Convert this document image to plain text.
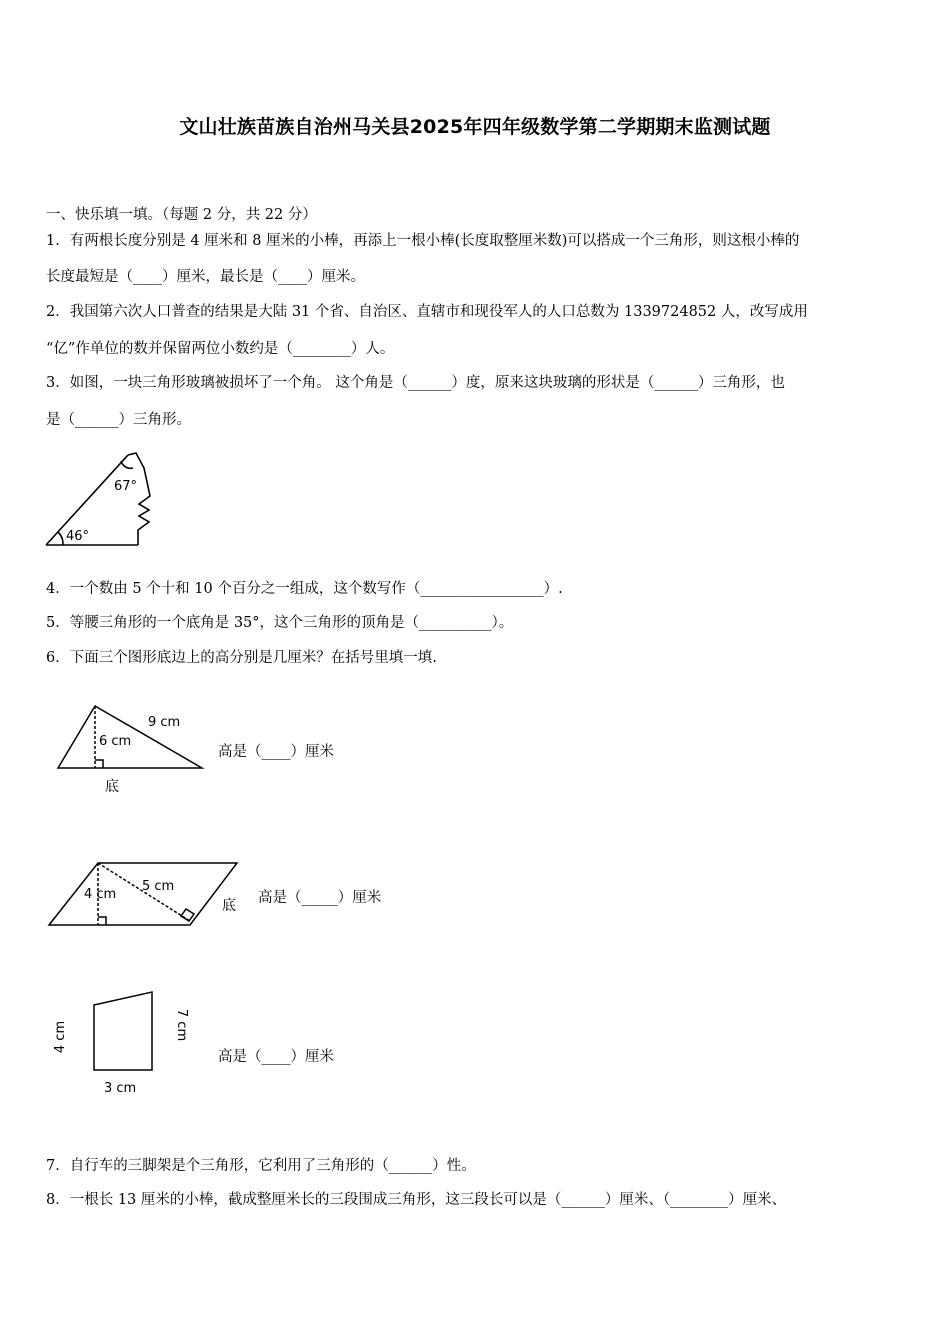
文山壮族苗族自治州马关县2025年四年级数学第二学期期末监测试题
一、快乐填一填。（每题 2 分，共 22 分）
1．有两根长度分别是 4 厘米和 8 厘米的小棒，再添上一根小棒(长度取整厘米数)可以搭成一个三角形，则这根小棒的
长度最短是（____）厘米，最长是（____）厘米。
2．我国第六次人口普查的结果是大陆 31 个省、自治区、直辖市和现役军人的人口总数为 1339724852 人，改写成用
“亿”作单位的数并保留两位小数约是（________）人。
3．如图，一块三角形玻璃被损坏了一个角。 这个角是（______）度，原来这块玻璃的形状是（______）三角形，也
是（______）三角形。
67°
46°
4．一个数由 5 个十和 10 个百分之一组成，这个数写作（_________________）.
5．等腰三角形的一个底角是 35°，这个三角形的顶角是（__________）。
6．下面三个图形底边上的高分别是几厘米？在括号里填一填.
9 cm
6 cm
底
高是（____）厘米
4 cm
5 cm
底 高是（_____）厘米
4 cm	7 cm
3 cm
高是（____）厘米
7．自行车的三脚架是个三角形，它利用了三角形的（______）性。
8．一根长 13 厘米的小棒，截成整厘米长的三段围成三角形，这三段长可以是（______）厘米、（________）厘米、
